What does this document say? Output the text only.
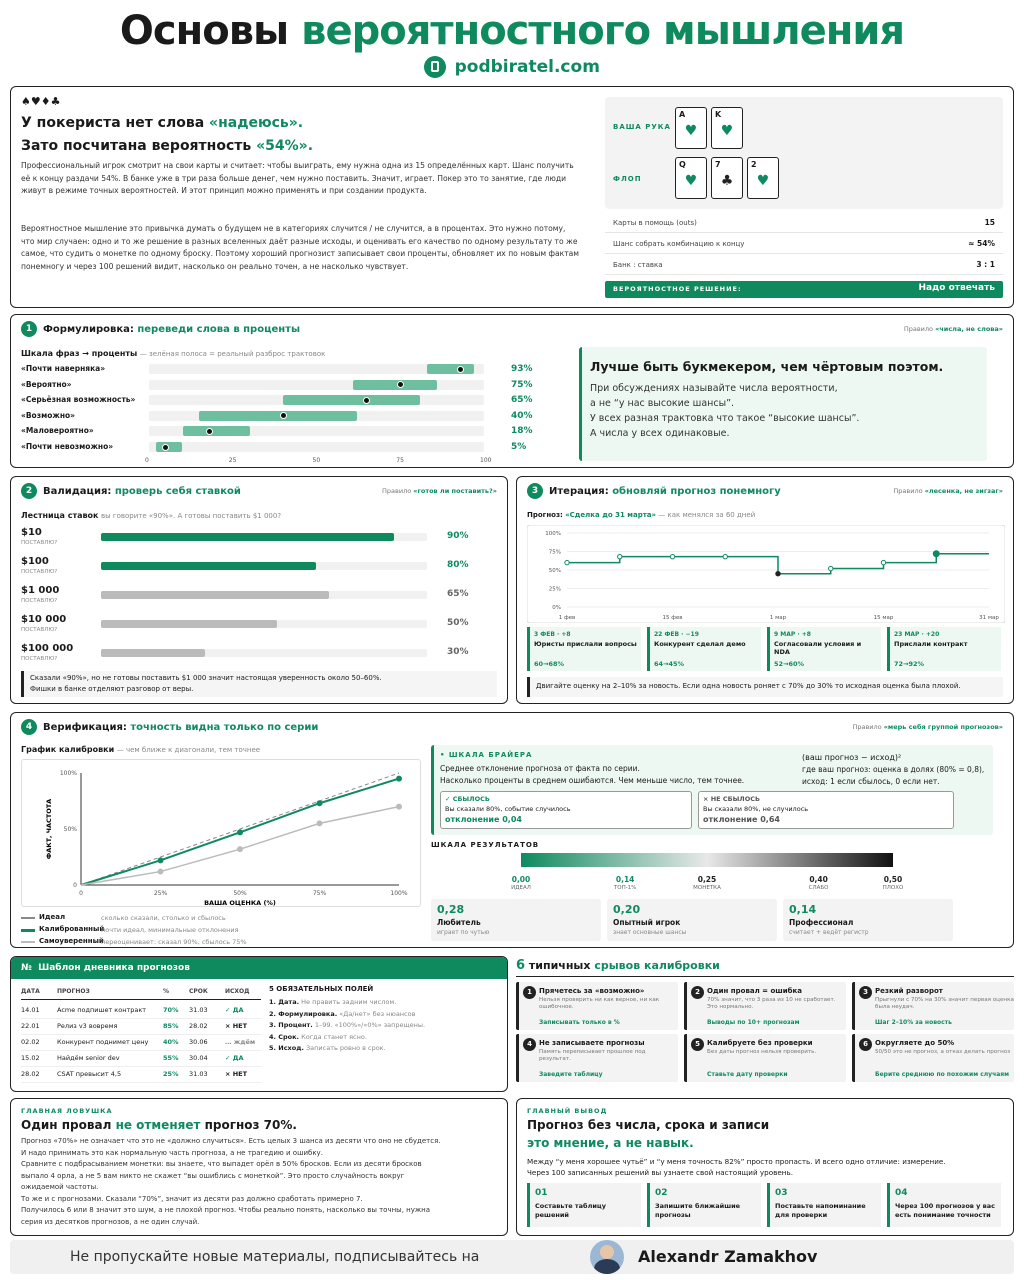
Основы вероятностного мышления
podbiratel.com
♠♥♦♣
У покериста нет слова «надеюсь».
Зато посчитана вероятность «54%».
Профессиональный игрок смотрит на свои карты и считает: чтобы выиграть, ему нужна одна из 15 определённых карт. Шанс получить её к концу раздачи 54%. В банке уже в три раза больше денег, чем нужно поставить. Значит, играет. Покер это то занятие, где люди живут в режиме точных вероятностей. И этот принцип можно применять и при создании продукта.
Вероятностное мышление это привычка думать о будущем не в категориях случится / не случится, а в процентах. Это нужно потому, что мир случаен: одно и то же решение в разных вселенных даёт разные исходы, и оценивать его качество по одному результату то же самое, что судить о монетке по одному броску. Поэтому хороший прогнозист записывает свои проценты, обновляет их по новым фактам понемногу и через 100 решений видит, насколько он реально точен, а не насколько чувствует.
ВАША РУКА
ФЛОП
A
♥
K
♥
Q
♥
7
♣
2
♥
ВЕРОЯТНОСТНОЕ РЕШЕНИЕ:	Надо отвечать
Карты в помощь (outs)	15
Шанс собрать комбинацию к концу	≈ 54%
Банк : ставка	3 : 1
1 Формулировка: переведи слова в проценты	Правило «числа, не слова»
Шкала фраз → проценты — зелёная полоса = реальный разброс трактовок
Лучше быть букмекером, чем чёртовым поэтом.
При обсуждениях называйте числа вероятности,
а не “у нас высокие шансы”.
У всех разная трактовка что такое “высокие шансы”.
А числа у всех одинаковые.
«Почти наверняка»	93%
«Вероятно»	75%
«Серьёзная возможность»	65%
«Возможно»	40%
«Маловероятно»	18%
«Почти невозможно»	5%
0	25	50	75	100
2 Валидация: проверь себя ставкой	Правило «готов ли поставить?»
Лестница ставок вы говорите «90%». А готовы поставить $1 000?
Сказали «90%», но не готовы поставить $1 000 значит настоящая уверенность около 50–60%.
Фишки в банке отделяют разговор от веры.
$10
ПОСТАВЛЮ?
90%
$100
ПОСТАВЛЮ?
80%
$1 000
ПОСТАВЛЮ?
65%
$10 000
ПОСТАВЛЮ?
50%
$100 000
ПОСТАВЛЮ?
30%
3 Итерация: обновляй прогноз понемногу	Правило «лесенка, не зигзаг»
Прогноз: «Сделка до 31 марта» — как менялся за 60 дней
0%
25%
50%
75%
100%
1 фев	15 фев	1 мар	15 мар	31 мар
Двигайте оценку на 2–10% за новость. Если одна новость роняет с 70% до 30% то исходная оценка была плохой.
3 ФЕВ · +8
Юристы прислали вопросы
60→68%
22 ФЕВ · −19
Конкурент сделал демо
64→45%
9 МАР · +8
Согласовали условия и NDA
52→60%
23 МАР · +20
Прислали контракт
72→92%
4 Верификация: точность видна только по серии	Правило «мерь себя группой прогнозов»
График калибровки — чем ближе к диагонали, тем точнее
0
50%
100%
0	25%	50%	75%	100%
ФАКТ, ЧАСТОТА
ВАША ОЦЕНКА (%)
• ШКАЛА БРАЙЕРА
Среднее отклонение прогноза от факта по серии.
Насколько проценты в среднем ошибаются. Чем меньше число, тем точнее.
(ваш прогноз − исход)²
где ваш прогноз: оценка в долях (80% = 0,8),
исход: 1 если сбылось, 0 если нет.
✓ СБЫЛОСЬ
Вы сказали 80%, событие случилось
отклонение 0,04
× НЕ СБЫЛОСЬ
Вы сказали 80%, не случилось
отклонение 0,64
ШКАЛА РЕЗУЛЬТАТОВ
Идеал	сколько сказали, столько и сбылось
Калиброванный
почти идеал, минимальные отклонения
Самоуверенный
переоценивает: сказал 90%, сбылось 75%
0,00
ИДЕАЛ
0,14
ТОП-1%
0,25
МОНЕТКА
0,40
СЛАБО
0,50
ПЛОХО
0,28
Любитель
играет по чутью
0,20
Опытный игрок
знает основные шансы
0,14
Профессионал
считает + ведёт регистр
№ Шаблон дневника прогнозов
5 ОБЯЗАТЕЛЬНЫХ ПОЛЕЙ
ДАТА	ПРОГНОЗ	%	СРОК	ИСХОД
14.01	Acme подпишет контракт	70% 31.03	✓ ДА
22.01	Релиз v3 вовремя	85% 28.02	× НЕТ
02.02	Конкурент поднимет цену 40% 30.06	… ждём
15.02	Найдём senior dev	55% 30.04	✓ ДА
28.02	CSAT превысит 4,5	25% 31.03	× НЕТ
1. Дата. Не править задним числом.
2. Формулировка. «Да/нет» без нюансов
3. Процент. 1–99. «100%»/«0%» запрещены.
4. Срок. Когда станет ясно.
5. Исход. Записать ровно в срок.
6 типичных срывов калибровки
1	Прячетесь за «возможно»
Нельзя проверить ни как верное, ни как ошибочное.
Записывать только в %
2	Один провал = ошибка
70% значит, что 3 раза из 10 не сработает. Это нормально.
Выводы по 10+ прогнозам
3	Резкий разворот
Прыгнули с 70% на 30% значит первая оценка была неудач.
Шаг 2–10% за новость
4	Не записываете прогнозы
Память переписывает прошлое под результат.
Заведите таблицу
5	Калибруете без проверки
Без даты прогноз нельзя проверить.
Ставьте дату проверки
6	Округляете до 50%
50/50 это не прогноз, а отказ делать прогноз
Берите среднюю по похожим случаям
ГЛАВНАЯ ЛОВУШКА
Один провал не отменяет прогноз 70%.
Прогноз «70%» не означает что это не «должно случиться». Есть целых 3 шанса из десяти что оно не сбудется.
И надо принимать это как нормальную часть прогноза, а не трагедию и ошибку.
Сравните с подбрасыванием монетки: вы знаете, что выпадет орёл в 50% бросков. Если из десяти бросков
выпало 4 орла, а не 5 вам никто не скажет “вы ошиблись с монеткой”. Это просто случайность вокруг
ожидаемой частоты.
То же и с прогнозами. Сказали “70%”, значит из десяти раз должно сработать примерно 7.
Получилось 6 или 8 значит это шум, а не плохой прогноз. Чтобы реально понять, насколько вы точны, нужна
серия из десятков прогнозов, а не один случай.
ГЛАВНЫЙ ВЫВОД
Прогноз без числа, срока и записи
это мнение, а не навык.
Между “у меня хорошее чутьё” и “у меня точность 82%” просто пропасть. И всего одно отличие: измерение.
Через 100 записанных решений вы узнаете свой настоящий уровень.
01
Составьте таблицу решений
02
Запишите ближайшие прогнозы
03
Поставьте напоминание для проверки
04
Через 100 прогнозов у вас есть понимание точности
Не пропускайте новые материалы, подписывайтесь на	Alexandr Zamakhov
